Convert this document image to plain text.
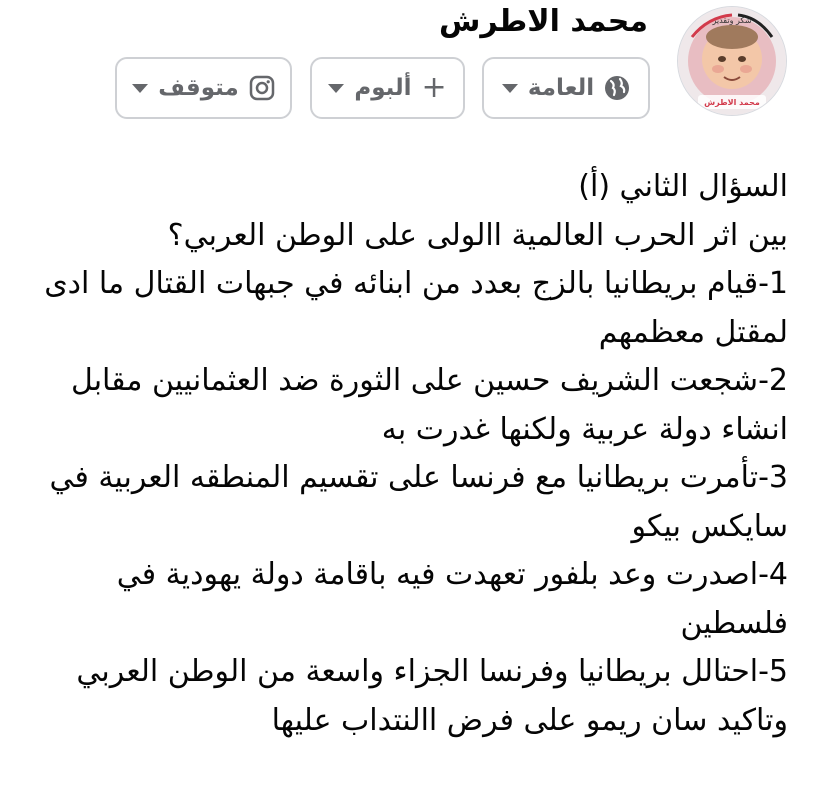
شكر وتقدير
محمد الاطرش
محمد الاطرش
العامة
+
ألبوم
متوقف

السؤال الثاني (أ)

بين اثر الحرب العالمية االولى على الوطن العربي؟

1-قيام بريطانيا بالزج بعدد من ابنائه في جبهات القتال ما ادى لمقتل معظمهم

2-شجعت الشريف حسين على الثورة ضد العثمانيين مقابل انشاء دولة عربية ولكنها غدرت به

3-تأمرت بريطانيا مع فرنسا على تقسيم المنطقه العربية في سايكس بيكو

4-اصدرت وعد بلفور تعهدت فيه باقامة دولة يهودية في فلسطين

5-احتالل بريطانيا وفرنسا الجزاء واسعة من الوطن العربي وتاكيد سان ريمو على فرض االنتداب عليها
